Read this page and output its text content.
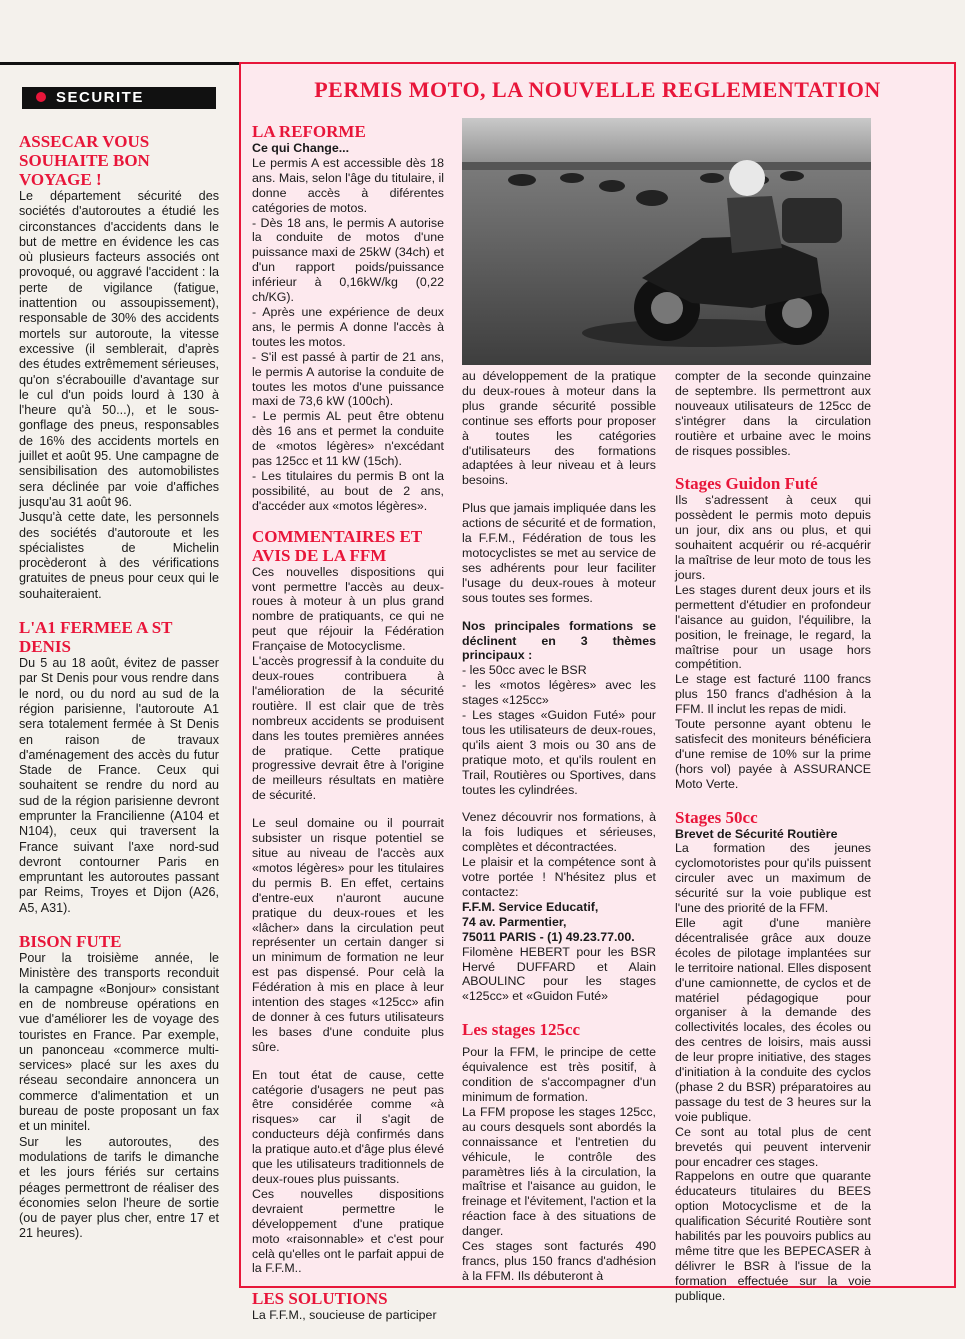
SECURITE
ASSECAR VOUS SOUHAITE BON VOYAGE !

Le département sécurité des sociétés d'autoroutes a étudié les circonstances d'accidents dans le but de mettre en évidence les cas où plusieurs facteurs associés ont provoqué, ou aggravé l'accident : la perte de vigilance (fatigue, inattention ou assoupissement), responsable de 30% des accidents mortels sur autoroute, la vitesse excessive (il semblerait, d'après des études extrêmement sérieuses, qu'on s'écrabouille d'avantage sur le cul d'un poids lourd à 130 à l'heure qu'à 50...), et le sous-gonflage des pneus, responsables de 16% des accidents mortels en juillet et août 95. Une campagne de sensibilisation des automobilistes sera déclinée par voie d'affiches jusqu'au 31 août 96.

Jusqu'à cette date, les personnels des sociétés d'autoroute et les spécialistes de Michelin procèderont à des vérifications gratuites de pneus pour ceux qui le souhaiteraient.

L'A1 FERMEE A ST DENIS

Du 5 au 18 août, évitez de passer par St Denis pour vous rendre dans le nord, ou du nord au sud de la région parisienne, l'autoroute A1 sera totalement fermée à St Denis en raison de travaux d'aménagement des accès du futur Stade de France. Ceux qui souhaitent se rendre du nord au sud de la région parisienne devront emprunter la Francilienne (A104 et N104), ceux qui traversent la France suivant l'axe nord-sud devront contourner Paris en empruntant les autoroutes passant par Reims, Troyes et Dijon (A26, A5, A31).

BISON FUTE

Pour la troisième année, le Ministère des transports reconduit la campagne «Bonjour» consistant en de nombreuse opérations en vue d'améliorer les de voyage des touristes en France. Par exemple, un panonceau «commerce multi-services» placé sur les axes du réseau secondaire annoncera un commerce d'alimentation et un bureau de poste proposant un fax et un minitel.

Sur les autoroutes, des modulations de tarifs le dimanche et les jours fériés sur certains péages permettront de réaliser des économies selon l'heure de sortie (ou de payer plus cher, entre 17 et 21 heures).

PERMIS MOTO, LA NOUVELLE REGLEMENTATION
LA REFORME

Ce qui Change...

Le permis A est accessible dès 18 ans. Mais, selon l'âge du titulaire, il donne accès à diférentes catégories de motos.

- Dès 18 ans, le permis A autorise la conduite de motos d'une puissance maxi de 25kW (34ch) et d'un rapport poids/puissance inférieur à 0,16kW/kg (0,22 ch/KG).

- Après une expérience de deux ans, le permis A donne l'accès à toutes les motos.

- S'il est passé à partir de 21 ans, le permis A autorise la conduite de toutes les motos d'une puissance maxi de 73,6 kW (100ch).

- Le permis AL peut être obtenu dès 16 ans et permet la conduite de «motos légères» n'excédant pas 125cc et 11 kW (15ch).

- Les titulaires du permis B ont la possibilité, au bout de 2 ans, d'accéder aux «motos légères».

COMMENTAIRES ET AVIS DE LA FFM

Ces nouvelles dispositions qui vont permettre l'accès au deux-roues à moteur à un plus grand nombre de pratiquants, ce qui ne peut que réjouir la Fédération Française de Motocyclisme.

L'accès progressif à la conduite du deux-roues contribuera à l'amélioration de la sécurité routière. Il est clair que de très nombreux accidents se produisent dans les toutes premières années de pratique. Cette pratique progressive devrait être à l'origine de meilleurs résultats en matière de sécurité.

Le seul domaine ou il pourrait subsister un risque potentiel se situe au niveau de l'accès aux «motos légères» pour les titulaires du permis B. En effet, certains d'entre-eux n'auront aucune pratique du deux-roues et les «lâcher» dans la circulation peut représenter un certain danger si un minimum de formation ne leur est pas dispensé. Pour celà la Fédération à mis en place à leur intention des stages «125cc» afin de donner à ces futurs utilisateurs les bases d'une conduite plus sûre.

En tout état de cause, cette catégorie d'usagers ne peut pas être considérée comme «à risques» car il s'agit de conducteurs déjà confirmés dans la pratique auto.et d'âge plus élevé que les utilisateurs traditionnels de deux-roues plus puissants.

Ces nouvelles dispositions devraient permettre le développement d'une pratique moto «raisonnable» et c'est pour celà qu'elles ont le parfait appui de la F.F.M..

LES SOLUTIONS

La F.F.M., soucieuse de participer

au développement de la pratique du deux-roues à moteur dans la plus grande sécurité possible continue ses efforts pour proposer à toutes les catégories d'utilisateurs des formations adaptées à leur niveau et à leurs besoins.

Plus que jamais impliquée dans les actions de sécurité et de formation, la F.F.M., Fédération de tous les motocyclistes se met au service de ses adhérents pour leur faciliter l'usage du deux-roues à moteur sous toutes ses formes.

Nos principales formations se déclinent en 3 thèmes principaux :

- les 50cc avec le BSR

- les «motos légères» avec les stages «125cc»

- Les stages «Guidon Futé» pour tous les utilisateurs de deux-roues, qu'ils aient 3 mois ou 30 ans de pratique moto, et qu'ils roulent en Trail, Routières ou Sportives, dans toutes les cylindrées.

Venez découvrir nos formations, à la fois ludiques et sérieuses, complètes et décontractées.

Le plaisir et la compétence sont à votre portée ! N'hésitez plus et contactez:

F.F.M. Service Educatif,

74 av. Parmentier,

75011 PARIS - (1) 49.23.77.00.

Filomène HEBERT pour les BSR Hervé DUFFARD et Alain ABOULINC pour les stages «125cc» et «Guidon Futé»

Les stages 125cc

Pour la FFM, le principe de cette équivalence est très positif, à condition de s'accompagner d'un minimum de formation.

La FFM propose les stages 125cc, au cours desquels sont abordés la connaissance et l'entretien du véhicule, le contrôle des paramètres liés à la circulation, la maîtrise et l'aisance au guidon, le freinage et l'évitement, l'action et la réaction face à des situations de danger.

Ces stages sont facturés 490 francs, plus 150 francs d'adhésion à la FFM. Ils débuteront à

compter de la seconde quinzaine de septembre. Ils permettront aux nouveaux utilisateurs de 125cc de s'intégrer dans la circulation routière et urbaine avec le moins de risques possibles.

Stages Guidon Futé

Ils s'adressent à ceux qui possèdent le permis moto depuis un jour, dix ans ou plus, et qui souhaitent acquérir ou ré-acquérir la maîtrise de leur moto de tous les jours.

Les stages durent deux jours et ils permettent d'étudier en profondeur l'aisance au guidon, l'équilibre, la position, le freinage, le regard, la maîtrise pour un usage hors compétition.

Le stage est facturé 1100 francs plus 150 francs d'adhésion à la FFM. Il inclut les repas de midi.

Toute personne ayant obtenu le satisfecit des moniteurs bénéficiera d'une remise de 10% sur la prime (hors vol) payée à ASSURANCE Moto Verte.

Stages 50cc

Brevet de Sécurité Routière

La formation des jeunes cyclomotoristes pour qu'ils puissent circuler avec un maximum de sécurité sur la voie publique est l'une des priorité de la FFM.

Elle agit d'une manière décentralisée grâce aux douze écoles de pilotage implantées sur le territoire national. Elles disposent d'une camionnette, de cyclos et de matériel pédagogique pour organiser à la demande des collectivités locales, des écoles ou des centres de loisirs, mais aussi de leur propre initiative, des stages d'initiation à la conduite des cyclos (phase 2 du BSR) préparatoires au passage du test de 3 heures sur la voie publique.

Ce sont au total plus de cent brevetés qui peuvent intervenir pour encadrer ces stages.

Rappelons en outre que quarante éducateurs titulaires du BEES option Motocyclisme et de la qualification Sécurité Routière sont habilités par les pouvoirs publics au même titre que les BEPECASER à délivrer le BSR à l'issue de la formation effectuée sur la voie publique.
